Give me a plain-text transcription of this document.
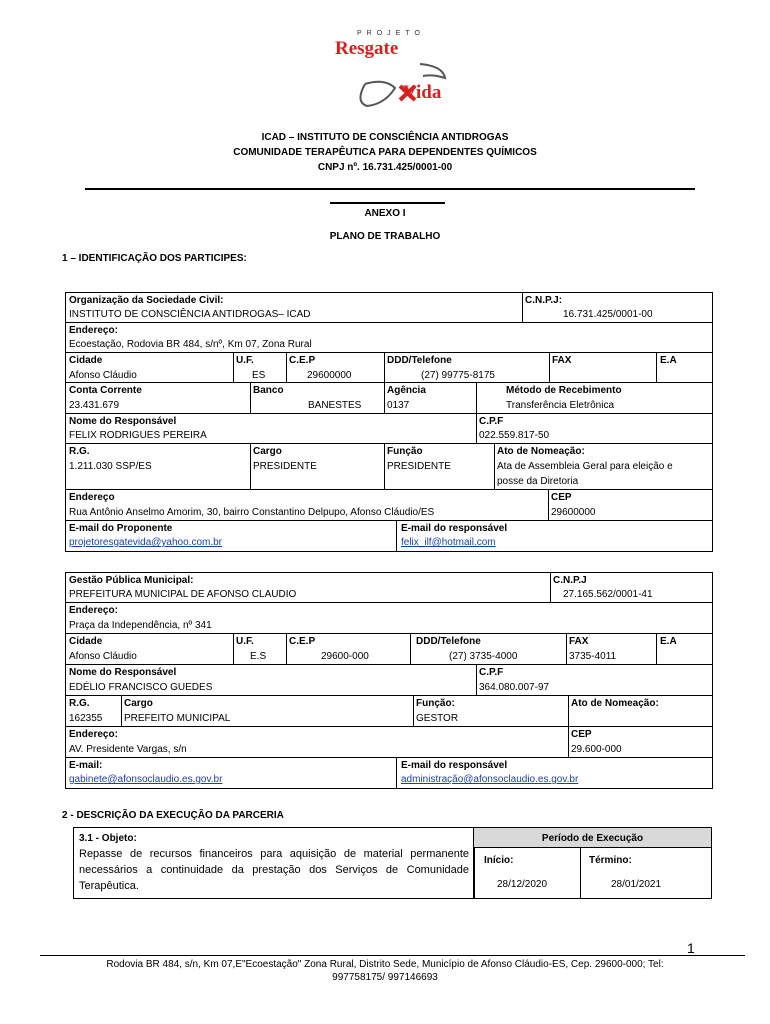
PROJETO
Resgate
Vida
ICAD – INSTITUTO DE CONSCIÊNCIA ANTIDROGAS
COMUNIDADE TERAPÊUTICA PARA DEPENDENTES QUÍMICOS
CNPJ nº. 16.731.425/0001-00
ANEXO I
PLANO DE TRABALHO
1 – IDENTIFICAÇÃO DOS PARTICIPES:
Organização da Sociedade Civil:
INSTITUTO DE CONSCIÊNCIA ANTIDROGAS– ICAD
C.N.P.J:
16.731.425/0001-00
Endereço:
Ecoestação, Rodovia BR 484, s/nº, Km 07, Zona Rural
Cidade
Afonso Cláudio
U.F.
ES
C.E.P
29600000
DDD/Telefone
(27) 99775-8175
FAX	E.A
Conta Corrente
23.431.679
Banco
BANESTES
Agência
0137
Método de Recebimento
Transferência Eletrônica
Nome do Responsável
FELIX RODRIGUES PEREIRA
C.P.F
022.559.817-50
R.G.
1.211.030 SSP/ES
Cargo
PRESIDENTE
Função
PRESIDENTE
Ato de Nomeação:
Ata de Assembleia Geral para eleição e
posse da Diretoria
Endereço
Rua Antônio Anselmo Amorim, 30, bairro Constantino Delpupo, Afonso Cláudio/ES
CEP
29600000
E-mail do Proponente
projetoresgatevida@yahoo.com.br
E-mail do responsável
felix_ilf@hotmail.com
Gestão Pública Municipal:
PREFEITURA MUNICIPAL DE AFONSO CLAUDIO
C.N.P.J
27.165.562/0001-41
Endereço:
Praça da Independência, nº 341
Cidade
Afonso Cláudio
U.F.
E.S
C.E.P
29600-000
DDD/Telefone
(27) 3735-4000
FAX
3735-4011
E.A
Nome do Responsável
EDÉLIO FRANCISCO GUEDES
C.P.F
364.080.007-97
R.G.
162355
Cargo
PREFEITO MUNICIPAL
Função:
GESTOR
Ato de Nomeação:
Endereço:
AV. Presidente Vargas, s/n
CEP
29.600-000
E-mail:
gabinete@afonsoclaudio.es.gov.br
E-mail do responsável
administração@afonsoclaudio.es.gov.br
2 - DESCRIÇÃO DA EXECUÇÃO DA PARCERIA
3.1 - Objeto:
Repasse de recursos financeiros para aquisição de material permanente necessários a continuidade da prestação dos Serviços de Comunidade Terapêutica.
Período de Execução
Início:
28/12/2020
Término:
28/01/2021
1
Rodovia BR 484, s/n, Km 07,E"Ecoestação" Zona Rural, Distrito Sede, Município de Afonso Cláudio-ES, Cep. 29600-000; Tel:
997758175/ 997146693
